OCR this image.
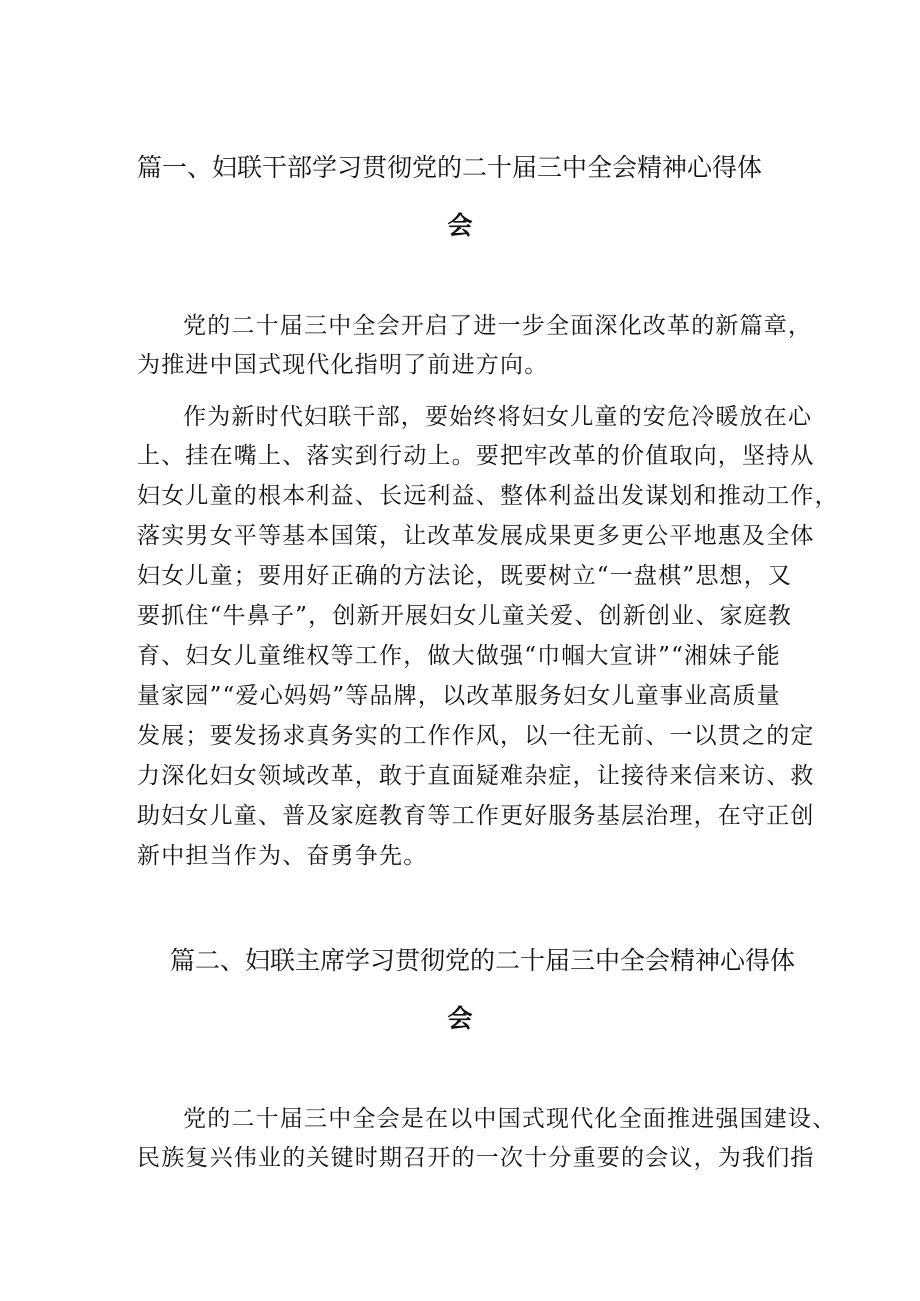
篇一、妇联干部学习贯彻党的二十届三中全会精神心得体
会
党的二十届三中全会开启了进一步全面深化改革的新篇章，
为推进中国式现代化指明了前进方向。
作为新时代妇联干部，要始终将妇女儿童的安危冷暖放在心
上、挂在嘴上、落实到行动上。要把牢改革的价值取向，坚持从
妇女儿童的根本利益、长远利益、整体利益出发谋划和推动工作，
落实男女平等基本国策，让改革发展成果更多更公平地惠及全体
妇女儿童；要用好正确的方法论，既要树立“一盘棋”思想，又
要抓住“牛鼻子”，创新开展妇女儿童关爱、创新创业、家庭教
育、妇女儿童维权等工作，做大做强“巾帼大宣讲”“湘妹子能
量家园”“爱心妈妈”等品牌，以改革服务妇女儿童事业高质量
发展；要发扬求真务实的工作作风，以一往无前、一以贯之的定
力深化妇女领域改革，敢于直面疑难杂症，让接待来信来访、救
助妇女儿童、普及家庭教育等工作更好服务基层治理，在守正创
新中担当作为、奋勇争先。
篇二、妇联主席学习贯彻党的二十届三中全会精神心得体
会
党的二十届三中全会是在以中国式现代化全面推进强国建设、
民族复兴伟业的关键时期召开的一次十分重要的会议，为我们指
